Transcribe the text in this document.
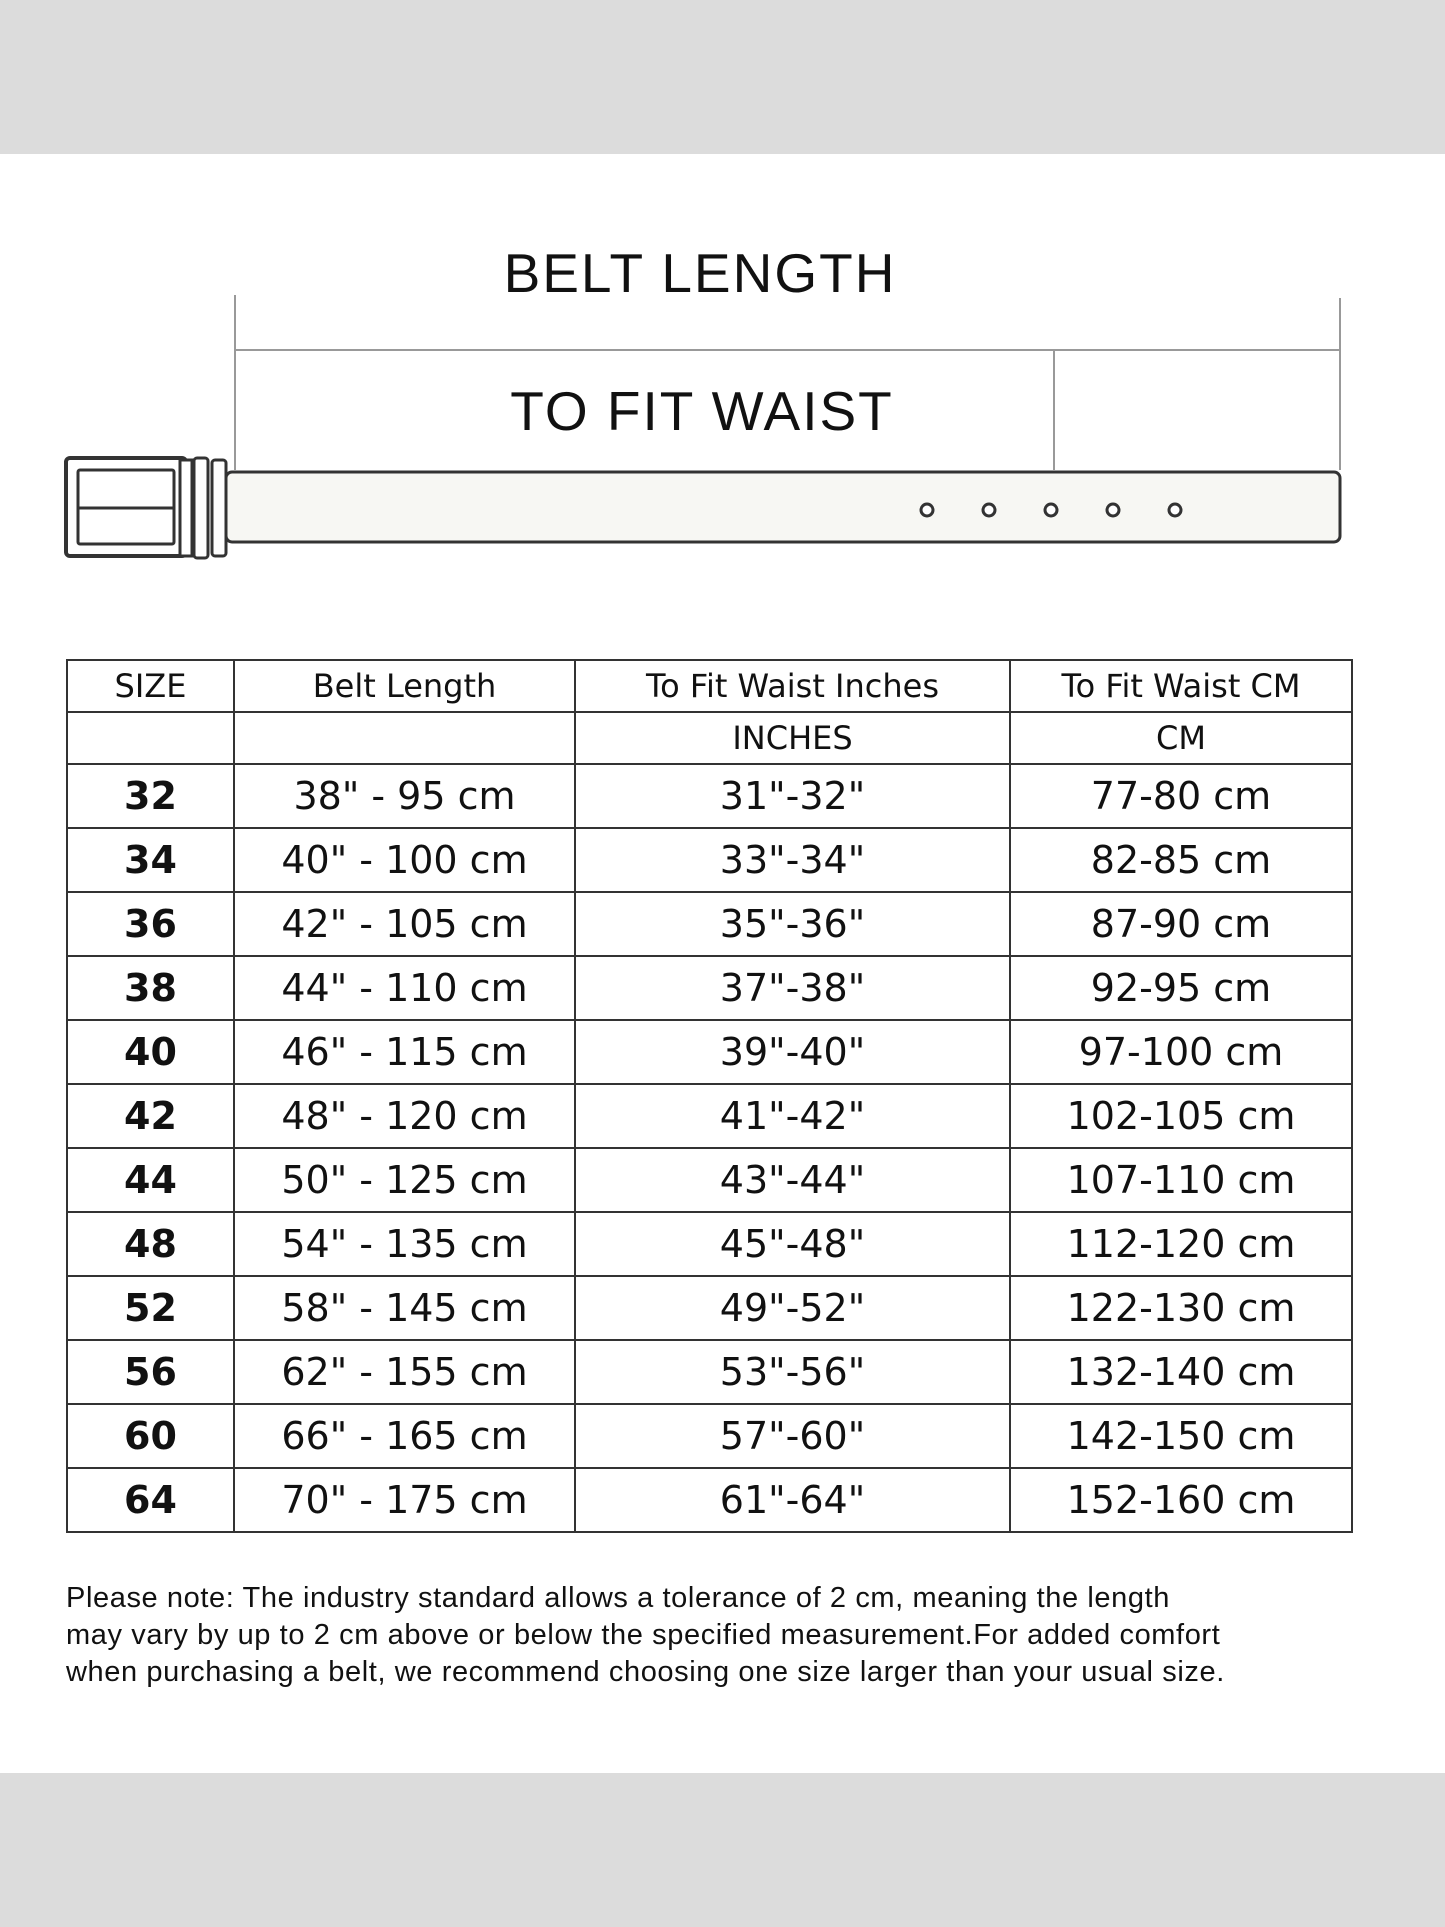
BELT LENGTH
TO FIT WAIST
SIZE	Belt Length	To Fit Waist Inches	To Fit Waist CM
		INCHES	CM
32	38" - 95 cm	31"-32"	77-80 cm
34	40" - 100 cm	33"-34"	82-85 cm
36	42" - 105 cm	35"-36"	87-90 cm
38	44" - 110 cm	37"-38"	92-95 cm
40	46" - 115 cm	39"-40"	97-100 cm
42	48" - 120 cm	41"-42"	102-105 cm
44	50" - 125 cm	43"-44"	107-110 cm
48	54" - 135 cm	45"-48"	112-120 cm
52	58" - 145 cm	49"-52"	122-130 cm
56	62" - 155 cm	53"-56"	132-140 cm
60	66" - 165 cm	57"-60"	142-150 cm
64	70" - 175 cm	61"-64"	152-160 cm

Please note: The industry standard allows a tolerance of 2 cm, meaning the length
may vary by up to 2 cm above or below the specified measurement.For added comfort
when purchasing a belt, we recommend choosing one size larger than your usual size.
